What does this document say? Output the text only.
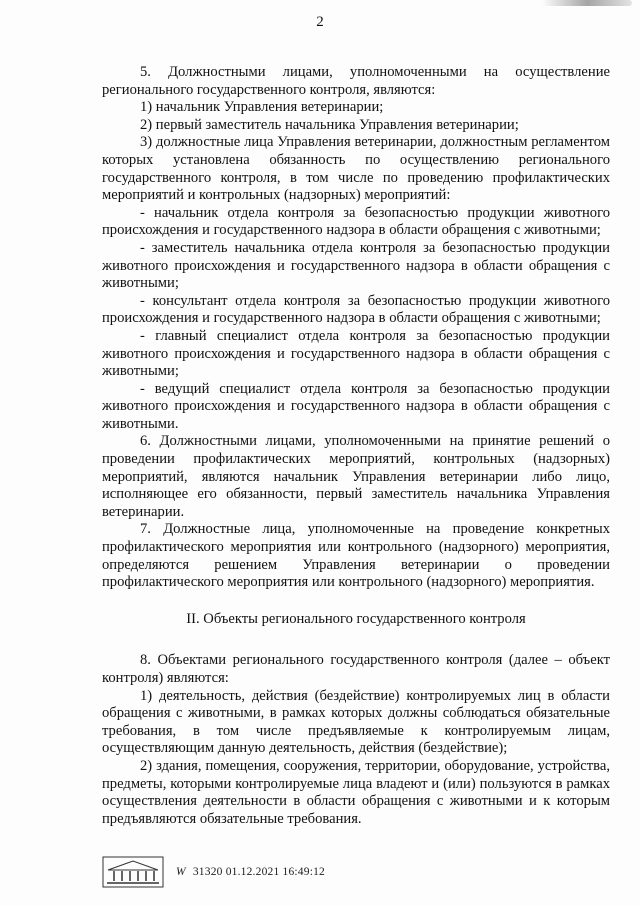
2

5. Должностными лицами, уполномоченными на осуществление регионального государственного контроля, являются:

1) начальник Управления ветеринарии;

2) первый заместитель начальника Управления ветеринарии;

3) должностные лица Управления ветеринарии, должностным регламентом которых установлена обязанность по осуществлению регионального государственного контроля, в том числе по проведению профилактических мероприятий и контрольных (надзорных) мероприятий:

- начальник отдела контроля за безопасностью продукции животного происхождения и государственного надзора в области обращения с животными;

- заместитель начальника отдела контроля за безопасностью продукции животного происхождения и государственного надзора в области обращения с животными;

- консультант отдела контроля за безопасностью продукции животного происхождения и государственного надзора в области обращения с животными;

- главный специалист отдела контроля за безопасностью продукции животного происхождения и государственного надзора в области обращения с животными;

- ведущий специалист отдела контроля за безопасностью продукции животного происхождения и государственного надзора в области обращения с животными.

6. Должностными лицами, уполномоченными на принятие решений о проведении профилактических мероприятий, контрольных (надзорных) мероприятий, являются начальник Управления ветеринарии либо лицо, исполняющее его обязанности, первый заместитель начальника Управления ветеринарии.

7. Должностные лица, уполномоченные на проведение конкретных профилактического мероприятия или контрольного (надзорного) мероприятия, определяются решением Управления ветеринарии о проведении профилактического мероприятия или контрольного (надзорного) мероприятия.

II. Объекты регионального государственного контроля

8. Объектами регионального государственного контроля (далее – объект контроля) являются:

1) деятельность, действия (бездействие) контролируемых лиц в области обращения с животными, в рамках которых должны соблюдаться обязательные требования, в том числе предъявляемые к контролируемым лицам, осуществляющим данную деятельность, действия (бездействие);

2) здания, помещения, сооружения, территории, оборудование, устройства, предметы, которыми контролируемые лица владеют и (или) пользуются в рамках осуществления деятельности в области обращения с животными и к которым предъявляются обязательные требования.

W 31320 01.12.2021 16:49:12
